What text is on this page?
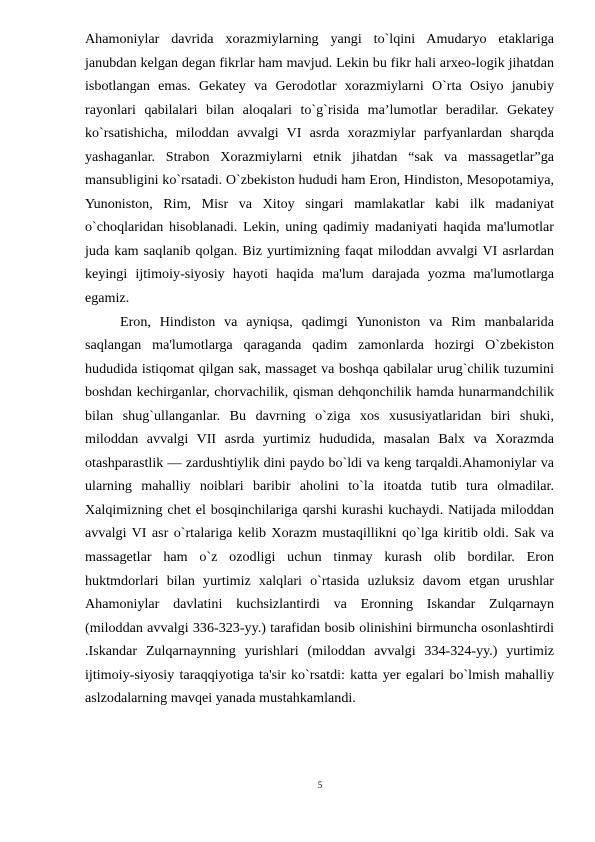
Ahamoniylar davrida xorazmiylarning yangi to`lqini Amudaryo etaklariga janubdan kelgan degan fikrlar ham mavjud. Lekin bu fikr hali arxeo-logik jihatdan isbotlangan emas. Gekatey va Gerodotlar xorazmiylarni O`rta Osiyo janubiy rayonlari qabilalari bilan aloqalari to`g`risida ma’lumotlar beradilar. Gekatey ko`rsatishicha, miloddan avvalgi VI asrda xorazmiylar parfyanlardan sharqda yashaganlar. Strabon Xorazmiylarni etnik jihatdan “sak va massagetlar”ga mansubligini ko`rsatadi. O`zbekiston hududi ham Eron, Hindiston, Mesopotamiya, Yunoniston, Rim, Misr va Xitoy singari mamlakatlar kabi ilk madaniyat o`choqlaridan hisoblanadi. Lekin, uning qadimiy madaniyati haqida ma'lumotlar juda kam saqlanib qolgan. Biz yurtimizning faqat miloddan avvalgi VI asrlardan keyingi ijtimoiy-siyosiy hayoti haqida ma'lum darajada yozma ma'lumotlarga egamiz.

Eron, Hindiston va ayniqsa, qadimgi Yunoniston va Rim manbalarida saqlangan ma'lumotlarga qaraganda qadim zamonlarda hozirgi O`zbekiston hududida istiqomat qilgan sak, massaget va boshqa qabilalar urug`chilik tuzumini boshdan kechirganlar, chorvachilik, qisman dehqonchilik hamda hunarmandchilik bilan shug`ullanganlar. Bu davrning o`ziga xos xususiyatlaridan biri shuki, miloddan avvalgi VII asrda yurtimiz hududida, masalan Balx va Xorazmda otashparastlik — zardushtiylik dini paydo bo`ldi va keng tarqaldi.Ahamoniylar va ularning mahalliy noiblari baribir aholini to`la itoatda tutib tura olmadilar. Xalqimizning chet el bosqinchilariga qarshi kurashi kuchaydi. Natijada miloddan avvalgi VI asr o`rtalariga kelib Xorazm mustaqillikni qo`lga kiritib oldi. Sak va massagetlar ham o`z ozodligi uchun tinmay kurash olib bordilar. Eron huktmdorlari bilan yurtimiz xalqlari o`rtasida uzluksiz davom etgan urushlar Ahamoniylar davlatini kuchsizlantirdi va Eronning Iskandar Zulqarnayn (miloddan avvalgi 336-323-yy.) tarafidan bosib olinishini birmuncha osonlashtirdi .Iskandar Zulqarnaynning yurishlari (miloddan avvalgi 334-324-yy.) yurtimiz ijtimoiy-siyosiy taraqqiyotiga ta'sir ko`rsatdi: katta yer egalari bo`lmish mahalliy aslzodalarning mavqei yanada mustahkamlandi.

5
